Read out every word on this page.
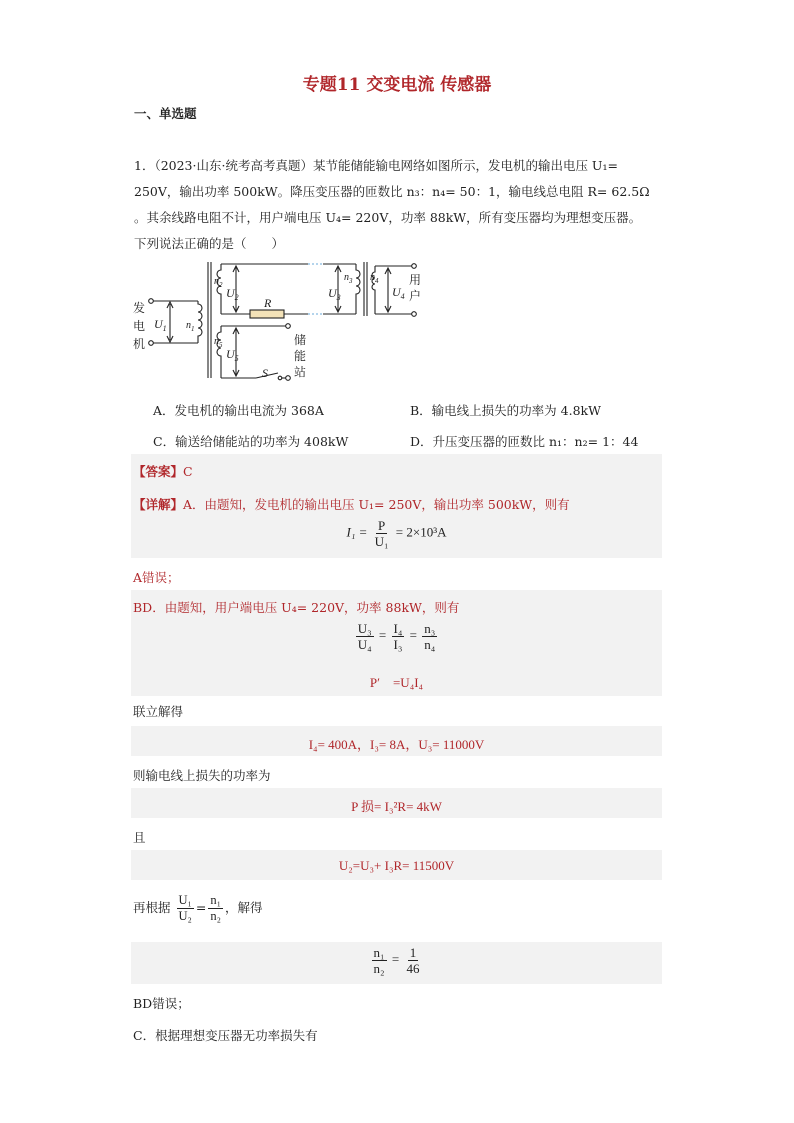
专题11 交变电流 传感器
一、单选题
1．（2023·山东·统考高考真题）某节能储能输电网络如图所示，发电机的输出电压 U₁=
250V，输出功率 500kW。降压变压器的匝数比 n₃：n₄= 50：1，输电线总电阻 R= 62.5Ω
。其余线路电阻不计，用户端电压 U₄= 220V，功率 88kW，所有变压器均为理想变压器。
下列说法正确的是（　　）
发
电
机
$U_1$ $n_1$
$n_2$
$U_2$ R
$U_3$
$n_3$ $n_4$
$U_4$
用
户
$n_5$
$U_5$
S
储
能
站
A．发电机的输出电流为 368A	B．输电线上损失的功率为 4.8kW
C．输送给储能站的功率为 408kW	D．升压变压器的匝数比 n₁：n₂= 1：44
【答案】C
【详解】A．由题知，发电机的输出电压 U₁= 250V，输出功率 500kW，则有
$I_1 = \frac{P}{\text{U₁}} = 2\times 10^3A$
A错误；
BD．由题知，用户端电压 U₄= 220V，功率 88kW，则有
$\frac{\text{U₃}}{\text{U₄}} = \frac{\text{I₄}}{\text{I₃}} = \frac{\text{n₃}}{\text{n₄}}$
P′　=U₄I₄
联立解得
I₄= 400A，I₃= 8A，U₃= 11000V
则输电线上损失的功率为
P 损= I₃²R= 4kW
且
U₂=U₃+ I₃R= 11500V
再根据 $\frac{\text{U₁}}{\text{U₂}} = \frac{\text{n₁}}{\text{n₂}}$ ，解得
$\frac{\text{n₁}}{\text{n₂}} = \frac{1}{46}$
BD错误；
C．根据理想变压器无功率损失有
